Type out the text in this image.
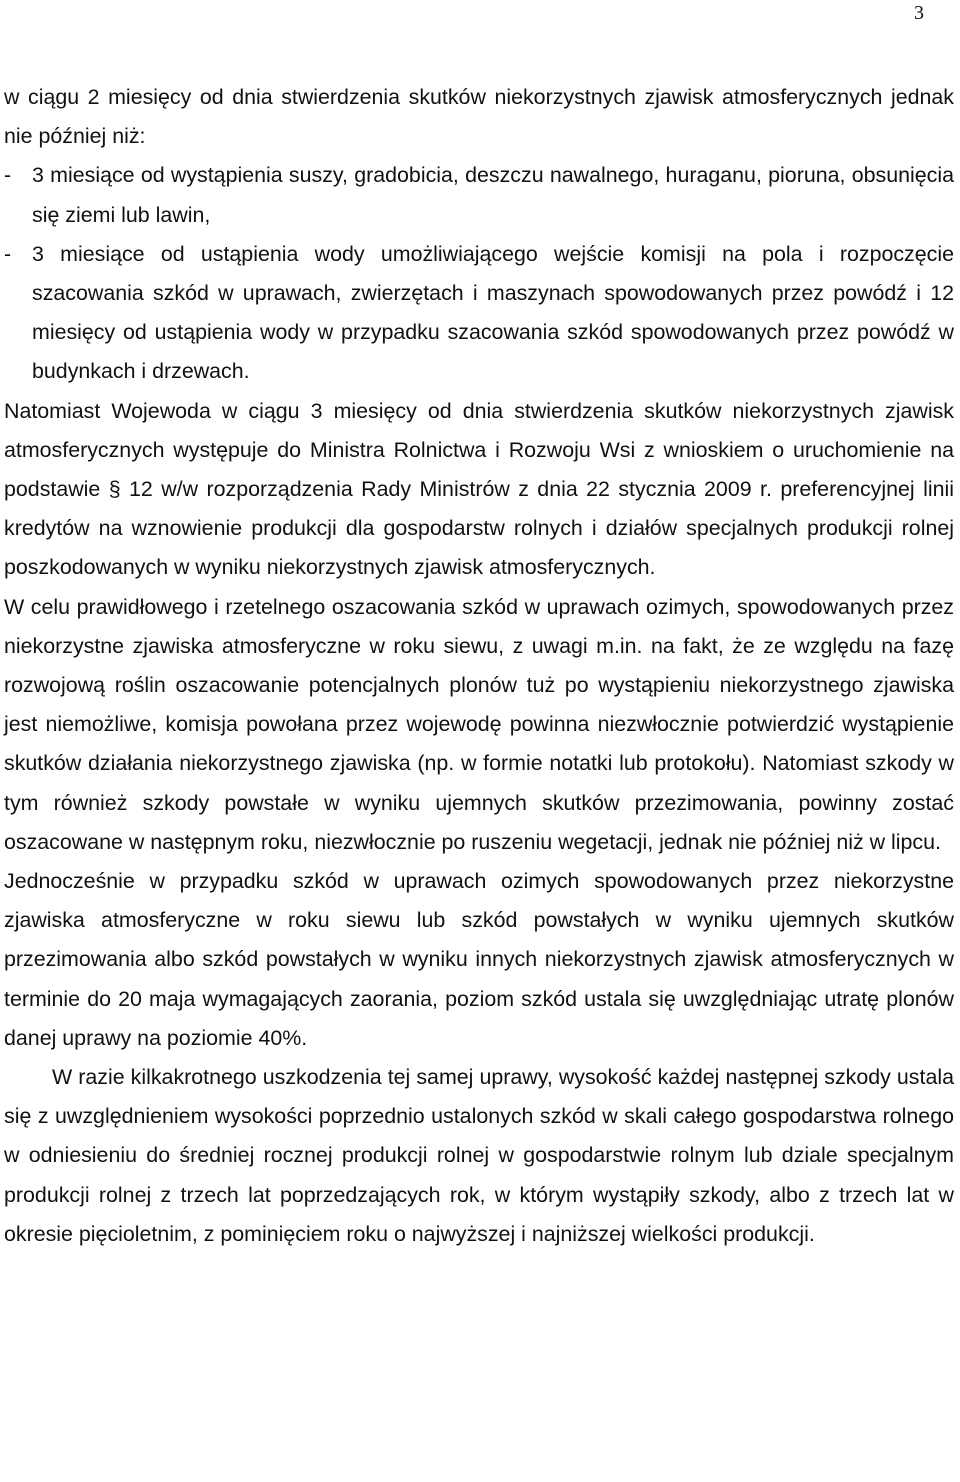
3

w ciągu 2 miesięcy od dnia stwierdzenia skutków niekorzystnych zjawisk atmosferycznych jednak nie później niż:

- 3 miesiące od wystąpienia suszy, gradobicia, deszczu nawalnego, huraganu, pioruna, obsunięcia się ziemi lub lawin,

- 3 miesiące od ustąpienia wody umożliwiającego wejście komisji na pola i rozpoczęcie szacowania szkód w uprawach, zwierzętach i maszynach spowodowanych przez powódź i 12 miesięcy od ustąpienia wody w przypadku szacowania szkód spowodowanych przez powódź w budynkach i drzewach.

Natomiast Wojewoda w ciągu 3 miesięcy od dnia stwierdzenia skutków niekorzystnych zjawisk atmosferycznych występuje do Ministra Rolnictwa i Rozwoju Wsi z wnioskiem o uruchomienie na podstawie § 12 w/w rozporządzenia Rady Ministrów z dnia 22 stycznia 2009 r. preferencyjnej linii kredytów na wznowienie produkcji dla gospodarstw rolnych i działów specjalnych produkcji rolnej poszkodowanych w wyniku niekorzystnych zjawisk atmosferycznych.

W celu prawidłowego i rzetelnego oszacowania szkód w uprawach ozimych, spowodowanych przez niekorzystne zjawiska atmosferyczne w roku siewu, z uwagi m.in. na fakt, że ze względu na fazę rozwojową roślin oszacowanie potencjalnych plonów tuż po wystąpieniu niekorzystnego zjawiska jest niemożliwe, komisja powołana przez wojewodę powinna niezwłocznie potwierdzić wystąpienie skutków działania niekorzystnego zjawiska (np. w formie notatki lub protokołu). Natomiast szkody w tym również szkody powstałe w wyniku ujemnych skutków przezimowania, powinny zostać oszacowane w następnym roku, niezwłocznie po ruszeniu wegetacji, jednak nie później niż w lipcu.

Jednocześnie w przypadku szkód w uprawach ozimych spowodowanych przez niekorzystne zjawiska atmosferyczne w roku siewu lub szkód powstałych w wyniku ujemnych skutków przezimowania albo szkód powstałych w wyniku innych niekorzystnych zjawisk atmosferycznych w terminie do 20 maja wymagających zaorania, poziom szkód ustala się uwzględniając utratę plonów danej uprawy na poziomie 40%.

W razie kilkakrotnego uszkodzenia tej samej uprawy, wysokość każdej następnej szkody ustala się z uwzględnieniem wysokości poprzednio ustalonych szkód w skali całego gospodarstwa rolnego w odniesieniu do średniej rocznej produkcji rolnej w gospodarstwie rolnym lub dziale specjalnym produkcji rolnej z trzech lat poprzedzających rok, w którym wystąpiły szkody, albo z trzech lat w okresie pięcioletnim, z pominięciem roku o najwyższej i najniższej wielkości produkcji.
